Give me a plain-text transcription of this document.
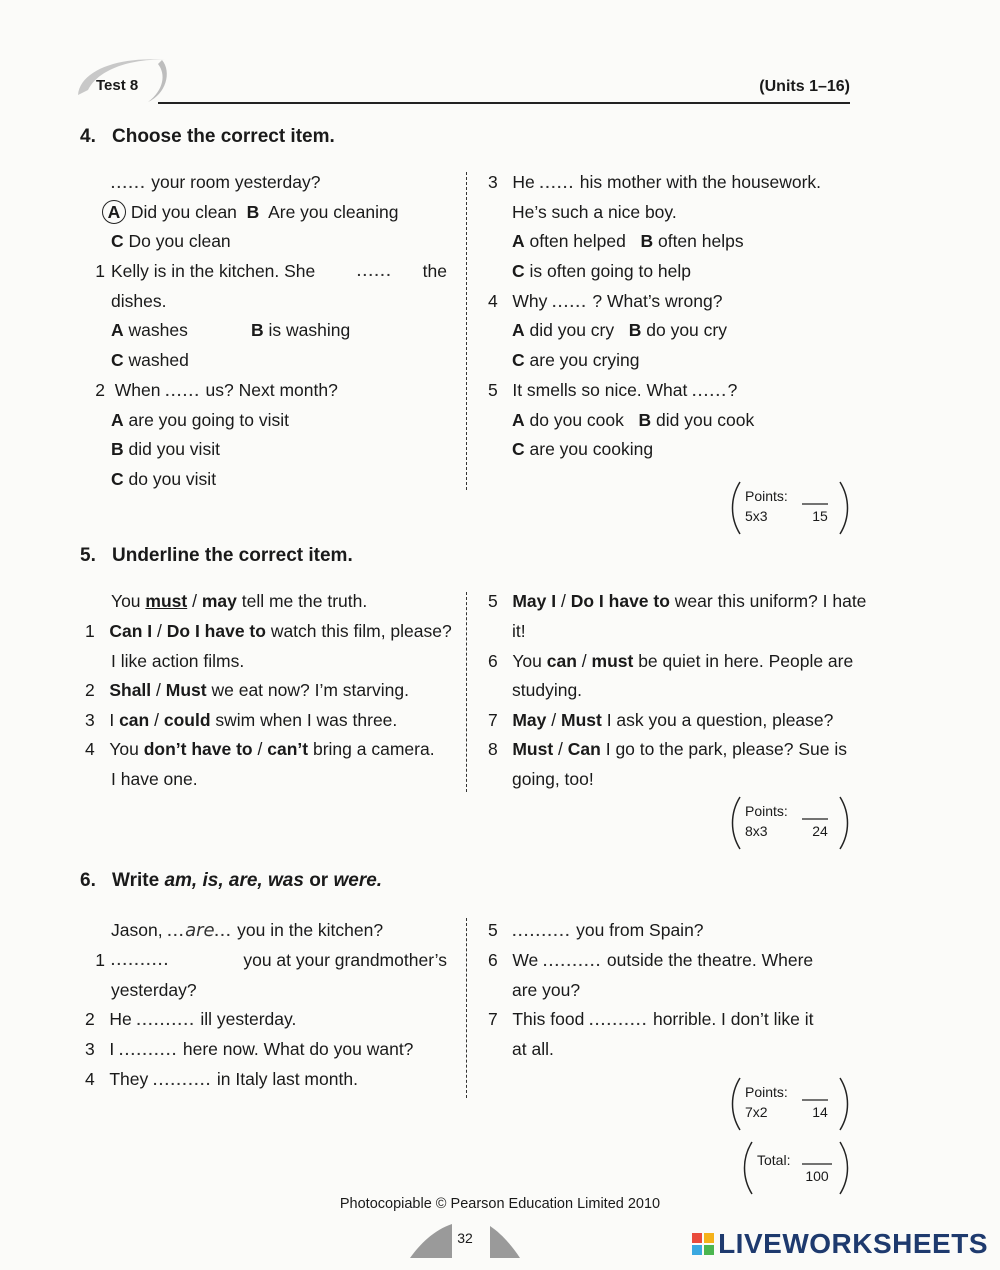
Test 8	(Units 1–16)
4. Choose the correct item.
...... your room yesterday?
A Did you clean B Are you cleaning
C Do you clean
1 Kelly is in the kitchen. She	...... the
dishes.
A washes	B is washing
C washed
2 When ...... us? Next month?
A are you going to visit
B did you visit
C do you visit
3 He ...... his mother with the housework.
He’s such a nice boy.
A often helped B often helps
C is often going to help
4 Why ...... ? What’s wrong?
A did you cry B do you cry
C are you crying
5 It smells so nice. What ......?
A do you cook B did you cook
C are you cooking
Points:
5x3	15
5. Underline the correct item.
You must / may tell me the truth.
1 Can I / Do I have to watch this film, please?
I like action films.
2 Shall / Must we eat now? I’m starving.
3 I can / could swim when I was three.
4 You don’t have to / can’t bring a camera.
I have one.
5 May I / Do I have to wear this uniform? I hate
it!
6 You can / must be quiet in here. People are
studying.
7 May / Must I ask you a question, please?
8 Must / Can I go to the park, please? Sue is
going, too!
Points:
8x3	24
6. Write am, is, are, was or were.
Jason, ...are... you in the kitchen?
1 ..........	you at your grandmother’s
yesterday?
2 He .......... ill yesterday.
3 I .......... here now. What do you want?
4 They .......... in Italy last month.
5 .......... you from Spain?
6 We .......... outside the theatre. Where
are you?
7 This food .......... horrible. I don’t like it
at all.
Points:
7x2	14
Total:
100
Photocopiable © Pearson Education Limited 2010
32	LIVEWORKSHEETS
